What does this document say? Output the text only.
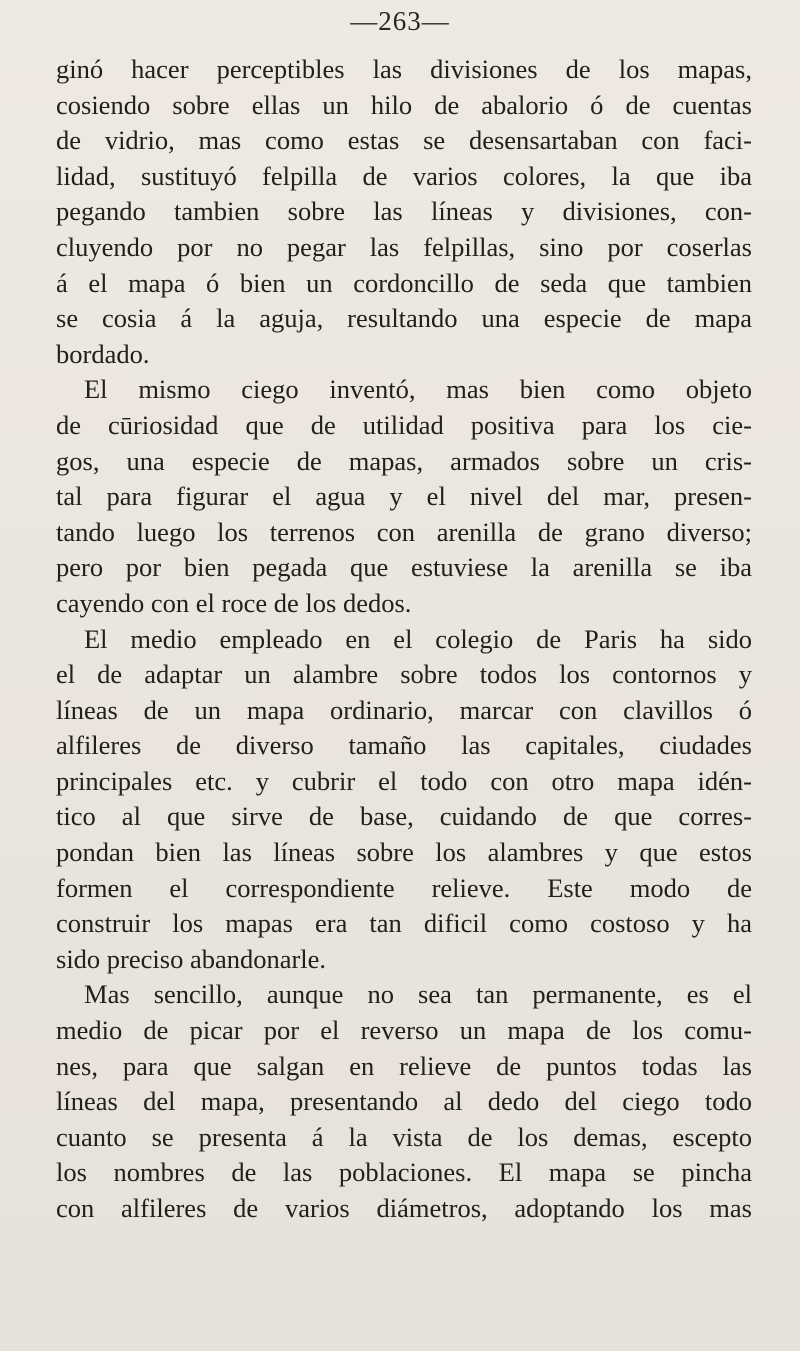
—263—
ginó hacer perceptibles las divisiones de los mapas,
cosiendo sobre ellas un hilo de abalorio ó de cuentas
de vidrio, mas como estas se desensartaban con faci-
lidad, sustituyó felpilla de varios colores, la que iba
pegando tambien sobre las líneas y divisiones, con-
cluyendo por no pegar las felpillas, sino por coserlas
á el mapa ó bien un cordoncillo de seda que tambien
se cosia á la aguja, resultando una especie de mapa
bordado.
El mismo ciego inventó, mas bien como objeto
de cūriosidad que de utilidad positiva para los cie-
gos, una especie de mapas, armados sobre un cris-
tal para figurar el agua y el nivel del mar, presen-
tando luego los terrenos con arenilla de grano diverso;
pero por bien pegada que estuviese la arenilla se iba
cayendo con el roce de los dedos.
El medio empleado en el colegio de Paris ha sido
el de adaptar un alambre sobre todos los contornos y
líneas de un mapa ordinario, marcar con clavillos ó
alfileres de diverso tamaño las capitales, ciudades
principales etc. y cubrir el todo con otro mapa idén-
tico al que sirve de base, cuidando de que corres-
pondan bien las líneas sobre los alambres y que estos
formen el correspondiente relieve. Este modo de
construir los mapas era tan dificil como costoso y ha
sido preciso abandonarle.
Mas sencillo, aunque no sea tan permanente, es el
medio de picar por el reverso un mapa de los comu-
nes, para que salgan en relieve de puntos todas las
líneas del mapa, presentando al dedo del ciego todo
cuanto se presenta á la vista de los demas, escepto
los nombres de las poblaciones. El mapa se pincha
con alfileres de varios diámetros, adoptando los mas
